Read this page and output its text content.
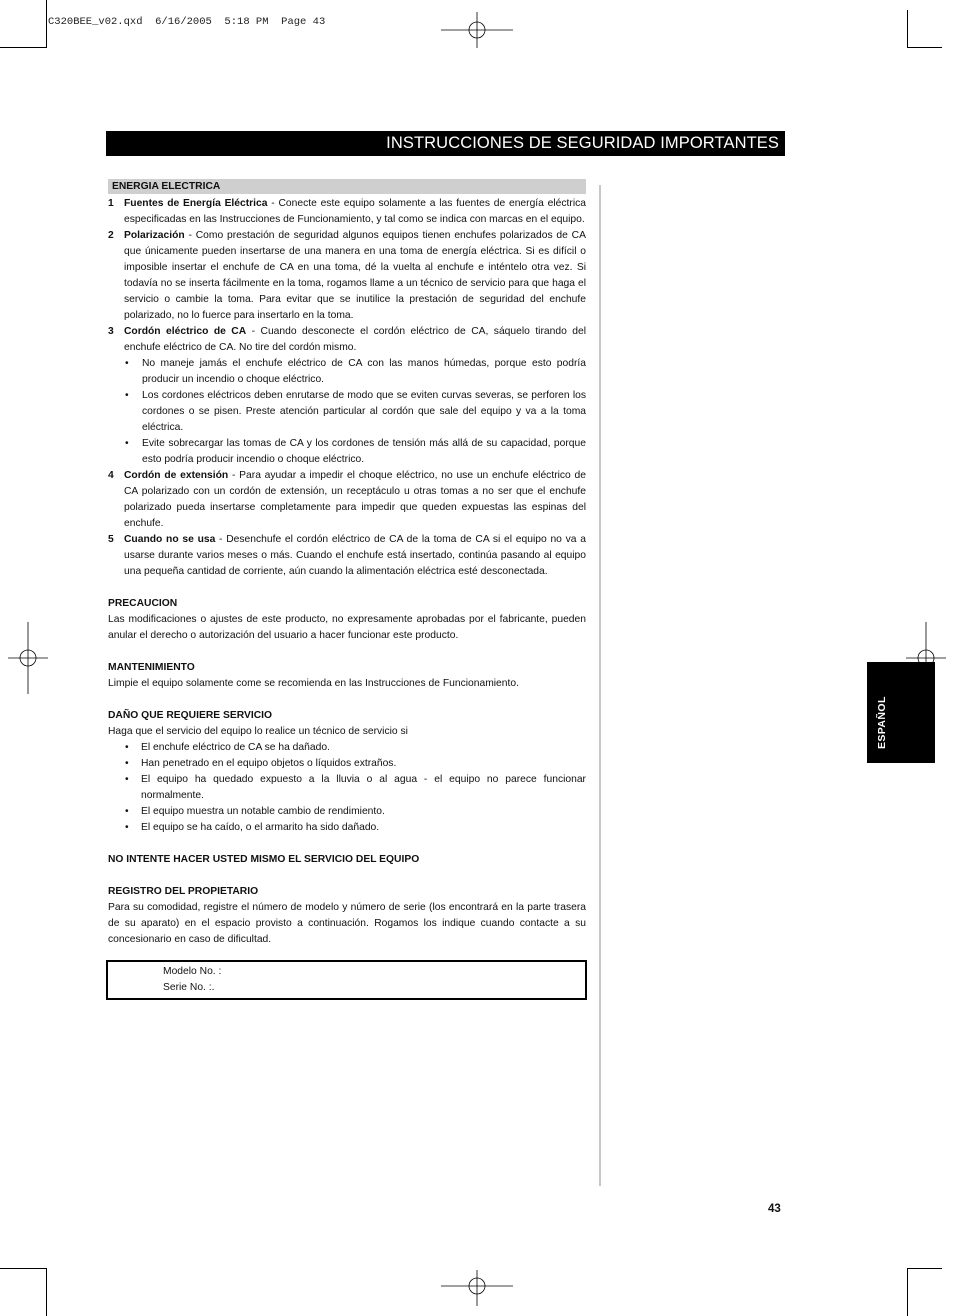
C320BEE_v02.qxd  6/16/2005  5:18 PM  Page 43
INSTRUCCIONES DE SEGURIDAD IMPORTANTES
ENERGIA ELECTRICA
1 Fuentes de Energía Eléctrica - Conecte este equipo solamente a las fuentes de energía eléctrica especificadas en las Instrucciones de Funcionamiento, y tal como se indica con marcas en el equipo.
2 Polarización - Como prestación de seguridad algunos equipos tienen enchufes polarizados de CA que únicamente pueden insertarse de una manera en una toma de energía eléctrica. Si es difícil o imposible insertar el enchufe de CA en una toma, dé la vuelta al enchufe e inténtelo otra vez. Si todavía no se inserta fácilmente en la toma, rogamos llame a un técnico de servicio para que haga el servicio o cambie la toma. Para evitar que se inutilice la prestación de seguridad del enchufe polarizado, no lo fuerce para insertarlo en la toma.
3 Cordón eléctrico de CA - Cuando desconecte el cordón eléctrico de CA, sáquelo tirando del enchufe eléctrico de CA. No tire del cordón mismo.
• No maneje jamás el enchufe eléctrico de CA con las manos húmedas, porque esto podría producir un incendio o choque eléctrico.
• Los cordones eléctricos deben enrutarse de modo que se eviten curvas severas, se perforen los cordones o se pisen. Preste atención particular al cordón que sale del equipo y va a la toma eléctrica.
• Evite sobrecargar las tomas de CA y los cordones de tensión más allá de su capacidad, porque esto podría producir incendio o choque eléctrico.
4 Cordón de extensión - Para ayudar a impedir el choque eléctrico, no use un enchufe eléctrico de CA polarizado con un cordón de extensión, un receptáculo u otras tomas a no ser que el enchufe polarizado pueda insertarse completamente para impedir que queden expuestas las espinas del enchufe.
5 Cuando no se usa - Desenchufe el cordón eléctrico de CA de la toma de CA si el equipo no va a usarse durante varios meses o más. Cuando el enchufe está insertado, continúa pasando al equipo una pequeña cantidad de corriente, aún cuando la alimentación eléctrica esté desconectada.
PRECAUCION
Las modificaciones o ajustes de este producto, no expresamente aprobadas por el fabricante, pueden anular el derecho o autorización del usuario a hacer funcionar este producto.
MANTENIMIENTO
Limpie el equipo solamente come se recomienda en las Instrucciones de Funcionamiento.
DAÑO QUE REQUIERE SERVICIO
Haga que el servicio del equipo lo realice un técnico de servicio si
• El enchufe eléctrico de CA se ha dañado.
• Han penetrado en el equipo objetos o líquidos extraños.
• El equipo ha quedado expuesto a la lluvia o al agua - el equipo no parece funcionar normalmente.
• El equipo muestra un notable cambio de rendimiento.
• El equipo se ha caído, o el armarito ha sido dañado.
NO INTENTE HACER USTED MISMO EL SERVICIO DEL EQUIPO
REGISTRO DEL PROPIETARIO
Para su comodidad, registre el número de modelo y número de serie (los encontrará en la parte trasera de su aparato) en el espacio provisto a continuación. Rogamos los indique cuando contacte a su concesionario en caso de dificultad.
Modelo No. :
Serie No. :.
ESPAÑOL
43
